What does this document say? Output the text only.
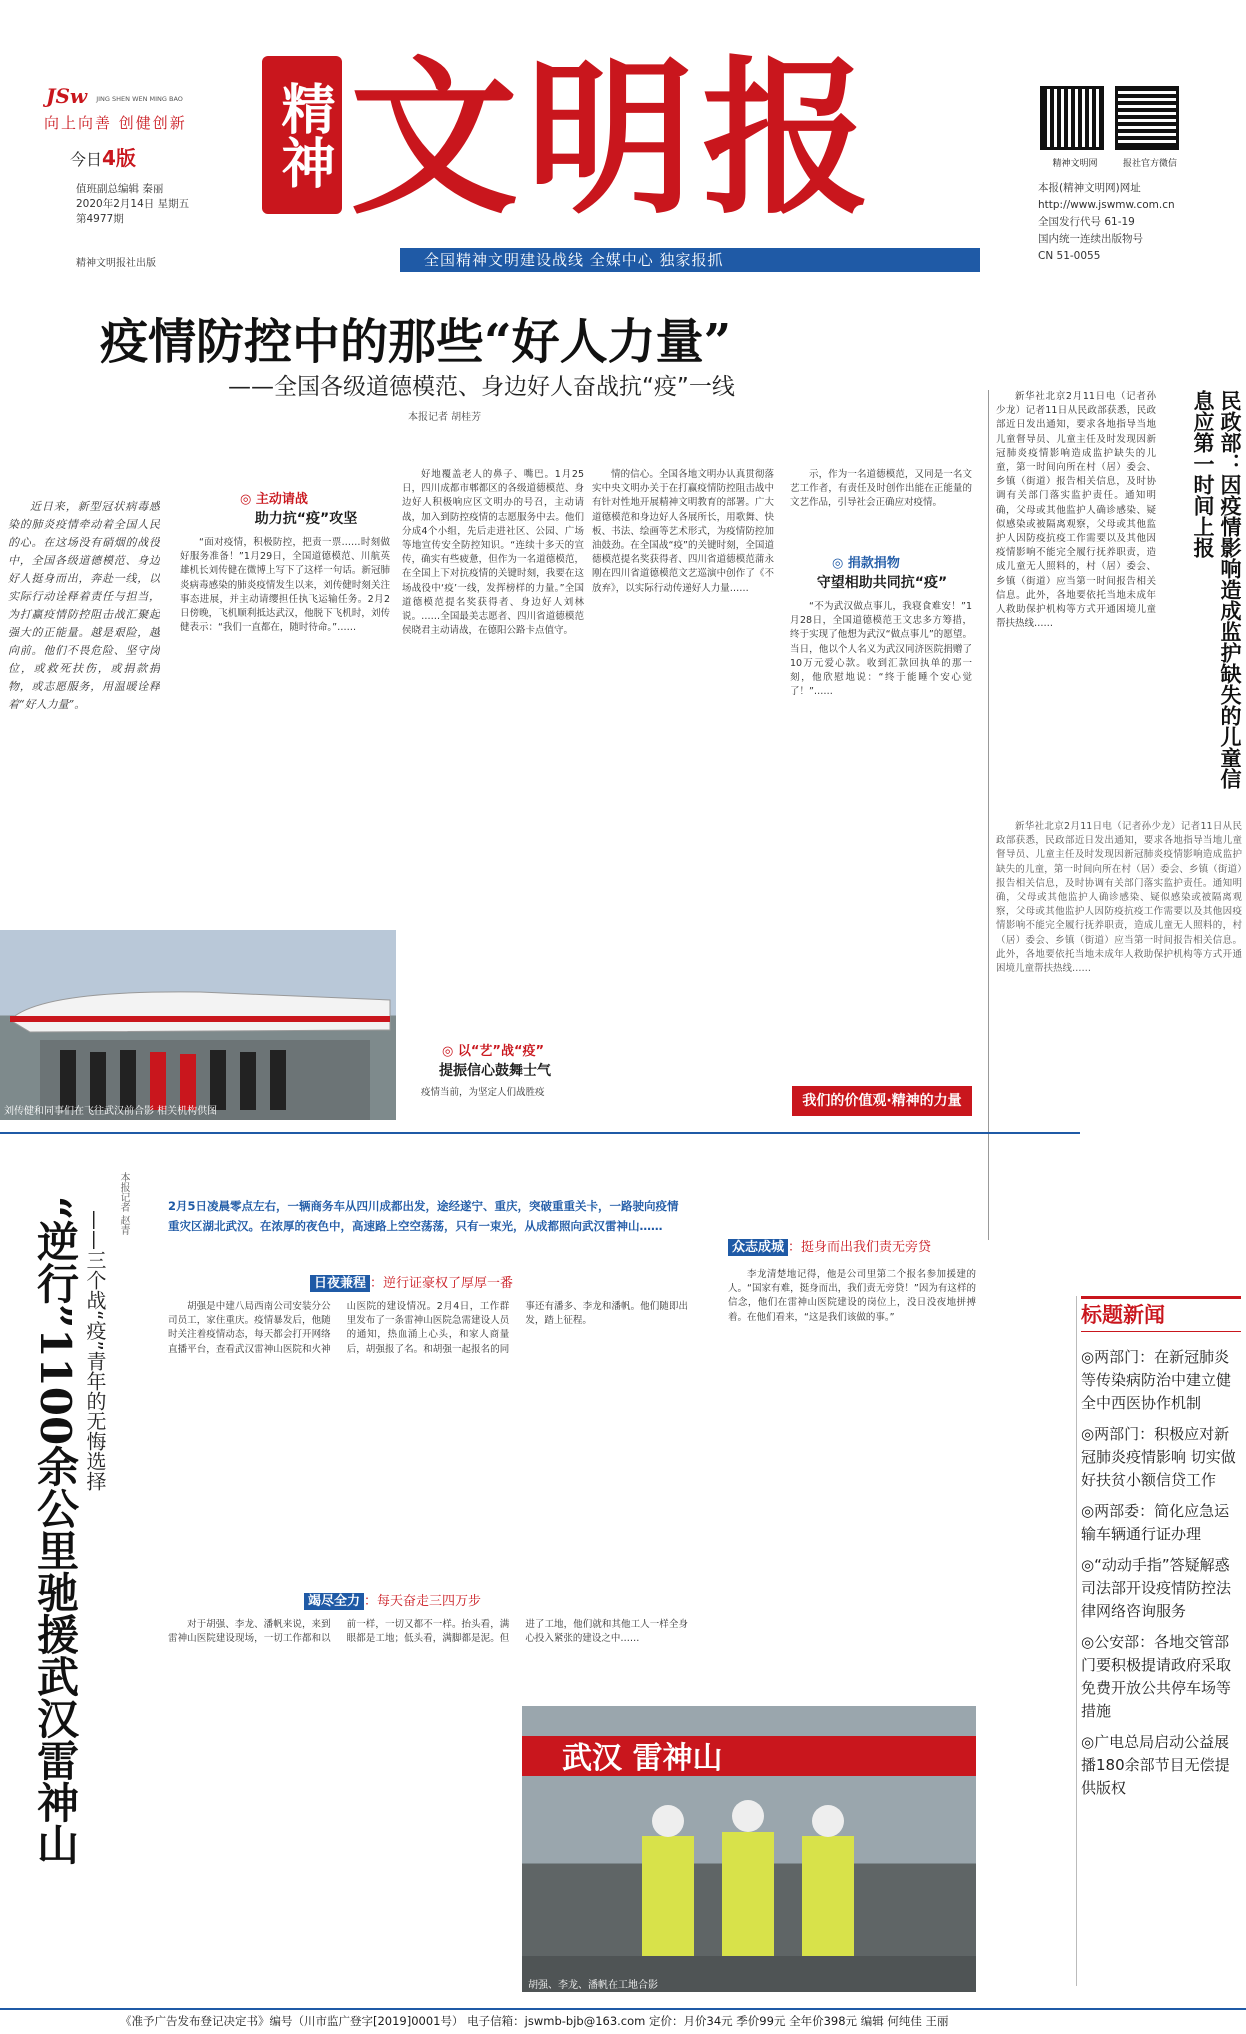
JSw JING SHEN WEN MING BAO
向上向善 创健创新
今日4版
值班副总编辑 秦丽
2020年2月14日 星期五
第4977期
精神文明报社出版
精神 文明报
全国精神文明建设战线 全媒中心 独家报抓
精神文明网	报社官方微信
本报(精神文明网)网址
http://www.jswmw.com.cn
全国发行代号 61-19
国内统一连续出版物号
CN 51-0055
疫情防控中的那些“好人力量”
——全国各级道德模范、身边好人奋战抗“疫”一线
本报记者 胡桂芳

近日来，新型冠状病毒感染的肺炎疫情牵动着全国人民的心。在这场没有硝烟的战役中，全国各级道德模范、身边好人挺身而出，奔赴一线，以实际行动诠释着责任与担当，为打赢疫情防控阻击战汇聚起强大的正能量。越是艰险，越向前。他们不畏危险、坚守岗位，或救死扶伤，或捐款捐物，或志愿服务，用温暖诠释着“好人力量”。

◎ 主动请战
助力抗“疫”攻坚

“面对疫情，积极防控，把责一票……时刻做好服务准备！”1月29日，全国道德模范、川航英雄机长刘传健在微博上写下了这样一句话。新冠肺炎病毒感染的肺炎疫情发生以来，刘传健时刻关注事态进展，并主动请缨担任执飞运输任务。2月2日傍晚，飞机顺利抵达武汉，他脱下飞机时，刘传健表示：“我们一直都在，随时待命。”……

刘传健和同事们在飞往武汉前合影 相关机构供图

好地覆盖老人的鼻子、嘴巴。1月25日，四川成都市郫都区的各级道德模范、身边好人积极响应区文明办的号召，主动请战，加入到防控疫情的志愿服务中去。他们分成4个小组，先后走进社区、公园、广场等地宣传安全防控知识。“连续十多天的宣传，确实有些疲惫，但作为一名道德模范，在全国上下对抗疫情的关键时刻，我要在这场战役中‘疫’一线，发挥榜样的力量。”全国道德模范提名奖获得者、身边好人刘林说。……全国最美志愿者、四川省道德模范侯晓君主动请战，在德阳公路卡点值守。

◎ 以“艺”战“疫”
提振信心鼓舞士气

疫情当前，为坚定人们战胜疫

情的信心。全国各地文明办认真贯彻落实中央文明办关于在打赢疫情防控阻击战中有针对性地开展精神文明教育的部署。广大道德模范和身边好人各展所长，用歌舞、快板、书法、绘画等艺术形式，为疫情防控加油鼓劲。在全国战“疫”的关键时刻，全国道德模范提名奖获得者、四川省道德模范蒲永刚在四川省道德模范文艺巡演中创作了《不放弃》，以实际行动传递好人力量……

示，作为一名道德模范，又同是一名文艺工作者，有责任及时创作出能在正能量的文艺作品，引导社会正确应对疫情。

◎ 捐款捐物
守望相助共同抗“疫”

“不为武汉做点事儿，我寝食难安！”1月28日，全国道德模范王文忠多方筹措，终于实现了他想为武汉“做点事儿”的愿望。当日，他以个人名义为武汉同济医院捐赠了10万元爱心款。收到汇款回执单的那一刻，他欣慰地说：“终于能睡个安心觉了！”……

我们的价值观·精神的力量
民政部：因疫情影响造成监护缺失的儿童信息应第一时间上报

新华社北京2月11日电（记者孙少龙）记者11日从民政部获悉，民政部近日发出通知，要求各地指导当地儿童督导员、儿童主任及时发现因新冠肺炎疫情影响造成监护缺失的儿童，第一时间向所在村（居）委会、乡镇（街道）报告相关信息，及时协调有关部门落实监护责任。通知明确，父母或其他监护人确诊感染、疑似感染或被隔离观察，父母或其他监护人因防疫抗疫工作需要以及其他因疫情影响不能完全履行抚养职责，造成儿童无人照料的，村（居）委会、乡镇（街道）应当第一时间报告相关信息。此外，各地要依托当地未成年人救助保护机构等方式开通困境儿童帮扶热线……

新华社北京2月11日电（记者孙少龙）记者11日从民政部获悉，民政部近日发出通知，要求各地指导当地儿童督导员、儿童主任及时发现因新冠肺炎疫情影响造成监护缺失的儿童，第一时间向所在村（居）委会、乡镇（街道）报告相关信息，及时协调有关部门落实监护责任。通知明确，父母或其他监护人确诊感染、疑似感染或被隔离观察，父母或其他监护人因防疫抗疫工作需要以及其他因疫情影响不能完全履行抚养职责，造成儿童无人照料的，村（居）委会、乡镇（街道）应当第一时间报告相关信息。此外，各地要依托当地未成年人救助保护机构等方式开通困境儿童帮扶热线……

本报记者 赵青
——三个战“疫”青年的无悔选择
“逆行”1100余公里驰援武汉雷神山	2月5日凌晨零点左右，一辆商务车从四川成都出发，途经遂宁、重庆，突破重重关卡，一路驶向疫情重灾区湖北武汉。在浓厚的夜色中，高速路上空空荡荡，只有一束光，从成都照向武汉雷神山……
日夜兼程 ：逆行证豪权了厚厚一番

胡强是中建八局西南公司安装分公司员工，家住重庆。疫情暴发后，他随时关注着疫情动态，每天都会打开网络直播平台，查看武汉雷神山医院和火神山医院的建设情况。2月4日，工作群里发布了一条雷神山医院急需建设人员的通知，热血涌上心头，和家人商量后，胡强报了名。和胡强一起报名的同事还有潘多、李龙和潘帆。他们随即出发，踏上征程。

竭尽全力 ：每天奋走三四万步

对于胡强、李龙、潘帆来说，来到雷神山医院建设现场，一切工作都和以前一样，一切又都不一样。抬头看，满眼都是工地；低头看，满脚都是泥。但进了工地，他们就和其他工人一样全身心投入紧张的建设之中……

众志成城 ：挺身而出我们责无旁贷

李龙清楚地记得，他是公司里第二个报名参加援建的人。“国家有难，挺身而出，我们责无旁贷！”因为有这样的信念，他们在雷神山医院建设的岗位上，没日没夜地拼搏着。在他们看来，“这是我们该做的事。”

武汉 雷神山
胡强、李龙、潘帆在工地合影
标题新闻
◎两部门：在新冠肺炎等传染病防治中建立健全中西医协作机制
◎两部门：积极应对新冠肺炎疫情影响 切实做好扶贫小额信贷工作
◎两部委：简化应急运输车辆通行证办理
◎“动动手指”答疑解惑 司法部开设疫情防控法律网络咨询服务
◎公安部：各地交管部门要积极提请政府采取免费开放公共停车场等措施
◎广电总局启动公益展播180余部节目无偿提供版权
《准予广告发布登记决定书》编号（川市监广登字[2019]0001号） 电子信箱：jswmb-bjb@163.com 定价：月价34元 季价99元 全年价398元 编辑 何纯佳 王丽
